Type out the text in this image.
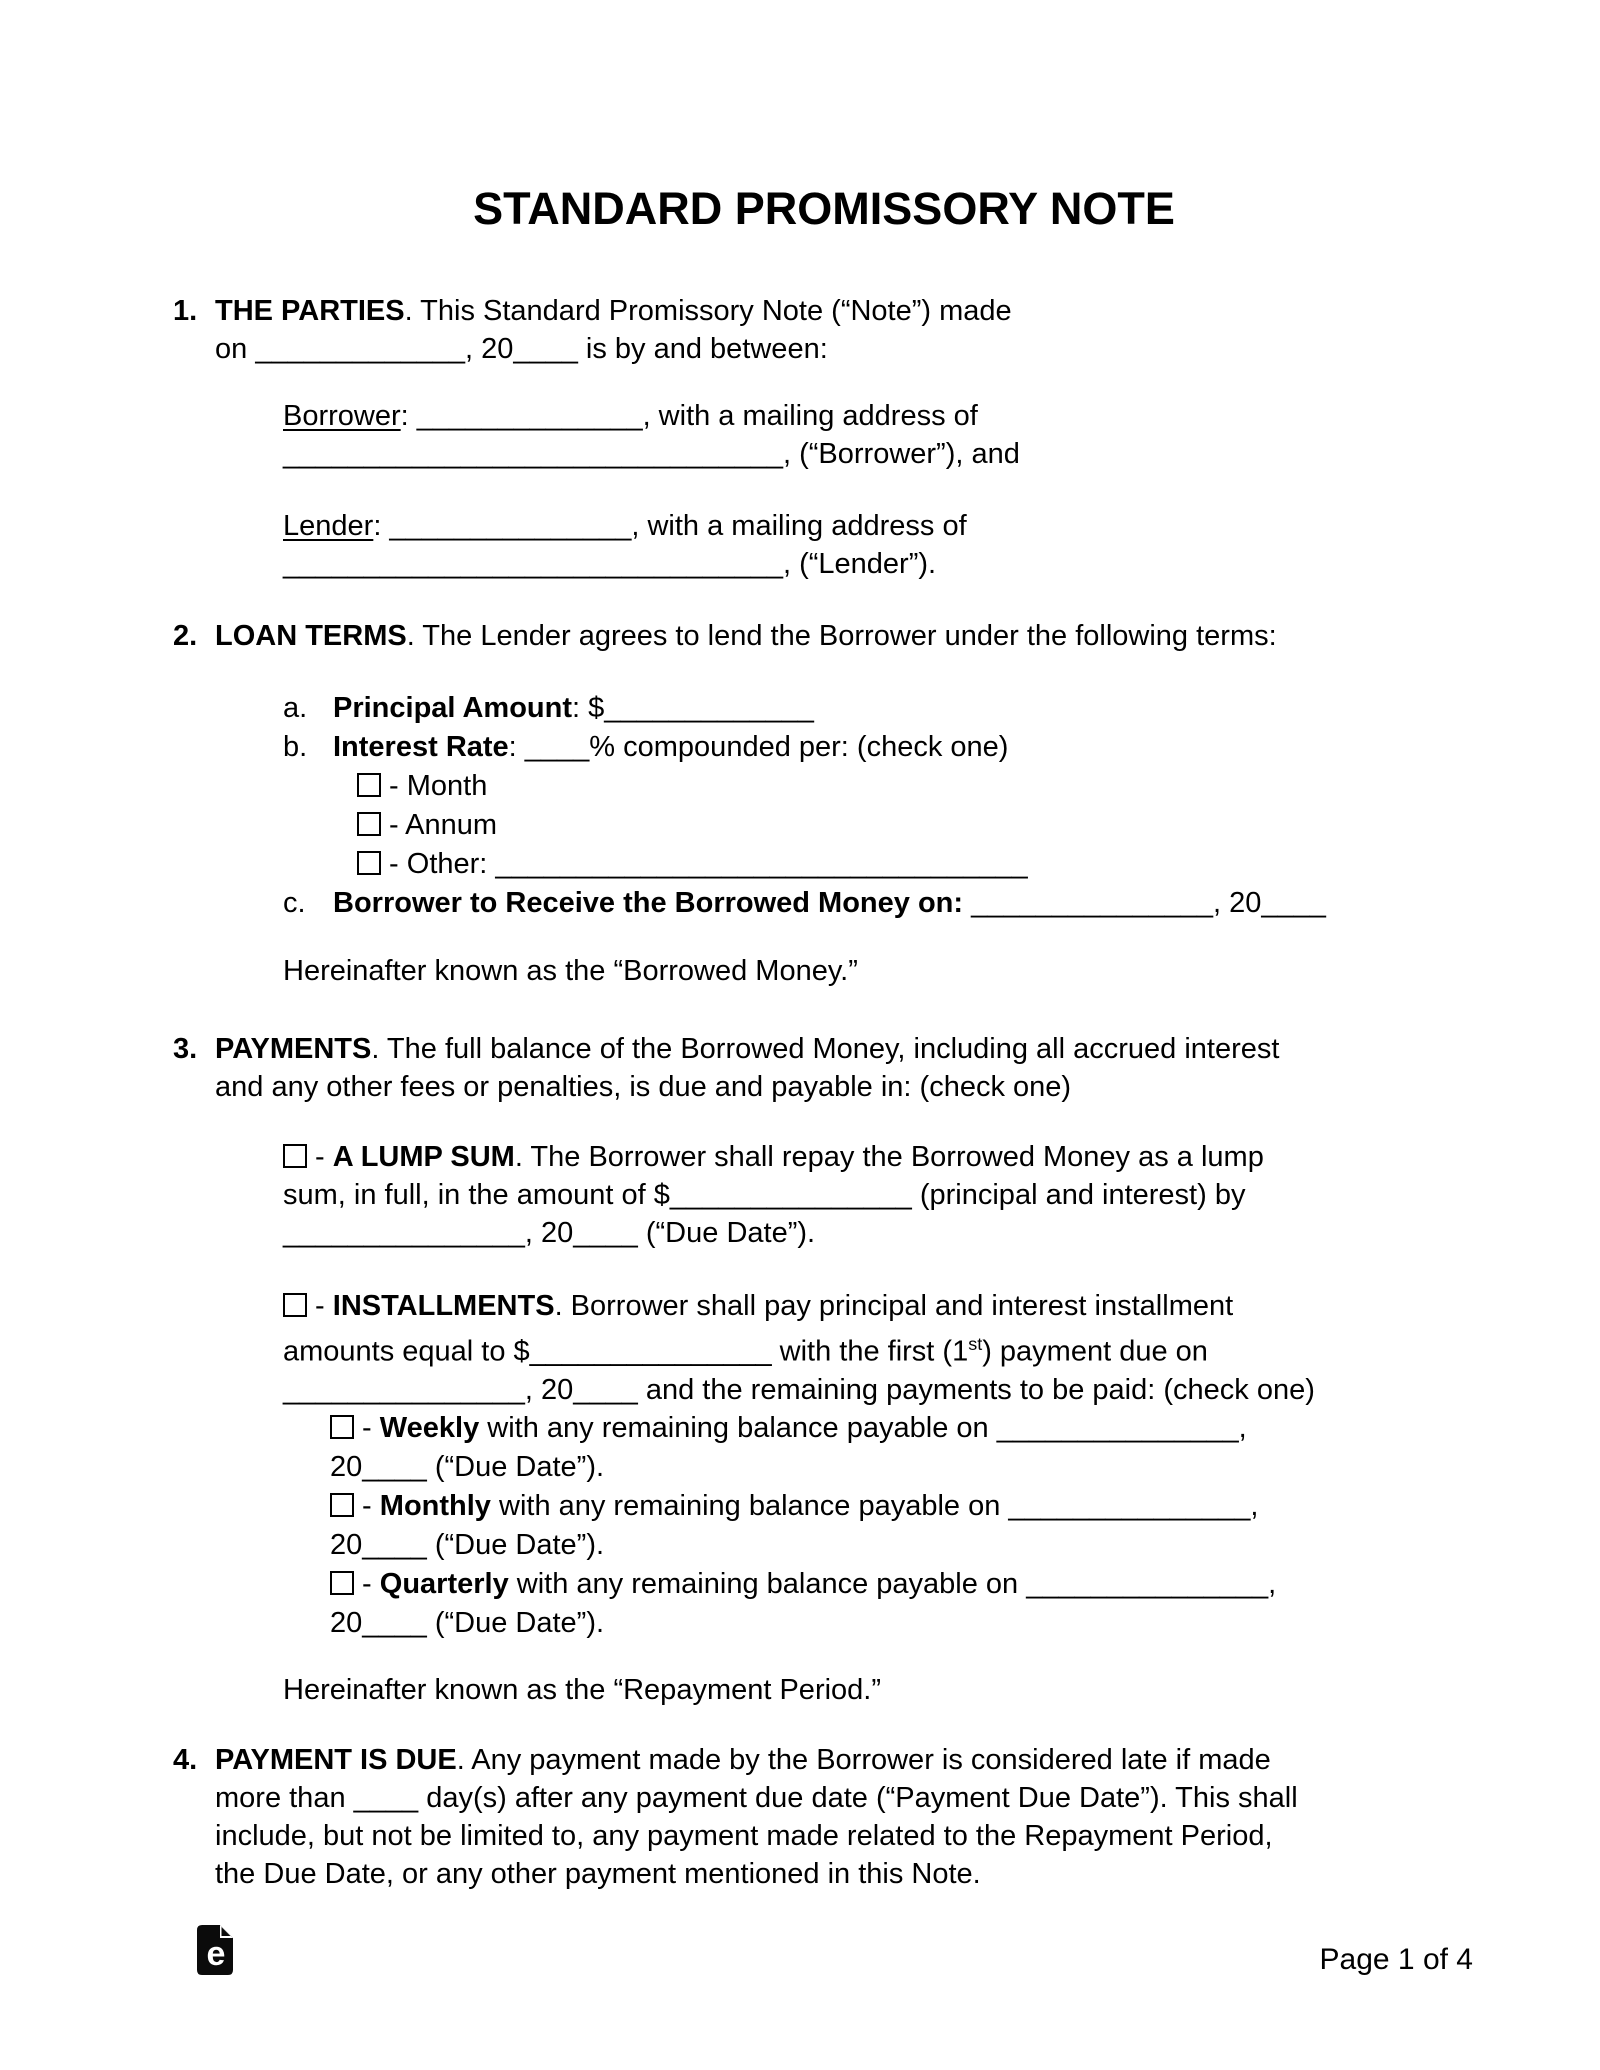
STANDARD PROMISSORY NOTE
1. THE PARTIES. This Standard Promissory Note (“Note”) made
on _____________, 20____ is by and between:
Borrower: ______________, with a mailing address of
_______________________________, (“Borrower”), and
Lender: _______________, with a mailing address of
_______________________________, (“Lender”).
2. LOAN TERMS. The Lender agrees to lend the Borrower under the following terms:
a. Principal Amount: $_____________
b. Interest Rate: ____% compounded per: (check one)
- Month
- Annum
- Other: _________________________________
c. Borrower to Receive the Borrowed Money on: _______________, 20____
Hereinafter known as the “Borrowed Money.”
3. PAYMENTS. The full balance of the Borrowed Money, including all accrued interest
and any other fees or penalties, is due and payable in: (check one)
- A LUMP SUM. The Borrower shall repay the Borrowed Money as a lump
sum, in full, in the amount of $_______________ (principal and interest) by
_______________, 20____ (“Due Date”).
- INSTALLMENTS. Borrower shall pay principal and interest installment
amounts equal to $_______________ with the first (1st) payment due on
_______________, 20____ and the remaining payments to be paid: (check one)
- Weekly with any remaining balance payable on _______________,
20____ (“Due Date”).
- Monthly with any remaining balance payable on _______________,
20____ (“Due Date”).
- Quarterly with any remaining balance payable on _______________,
20____ (“Due Date”).
Hereinafter known as the “Repayment Period.”
4. PAYMENT IS DUE. Any payment made by the Borrower is considered late if made
more than ____ day(s) after any payment due date (“Payment Due Date”). This shall
include, but not be limited to, any payment made related to the Repayment Period,
the Due Date, or any other payment mentioned in this Note.
e	Page 1 of 4
